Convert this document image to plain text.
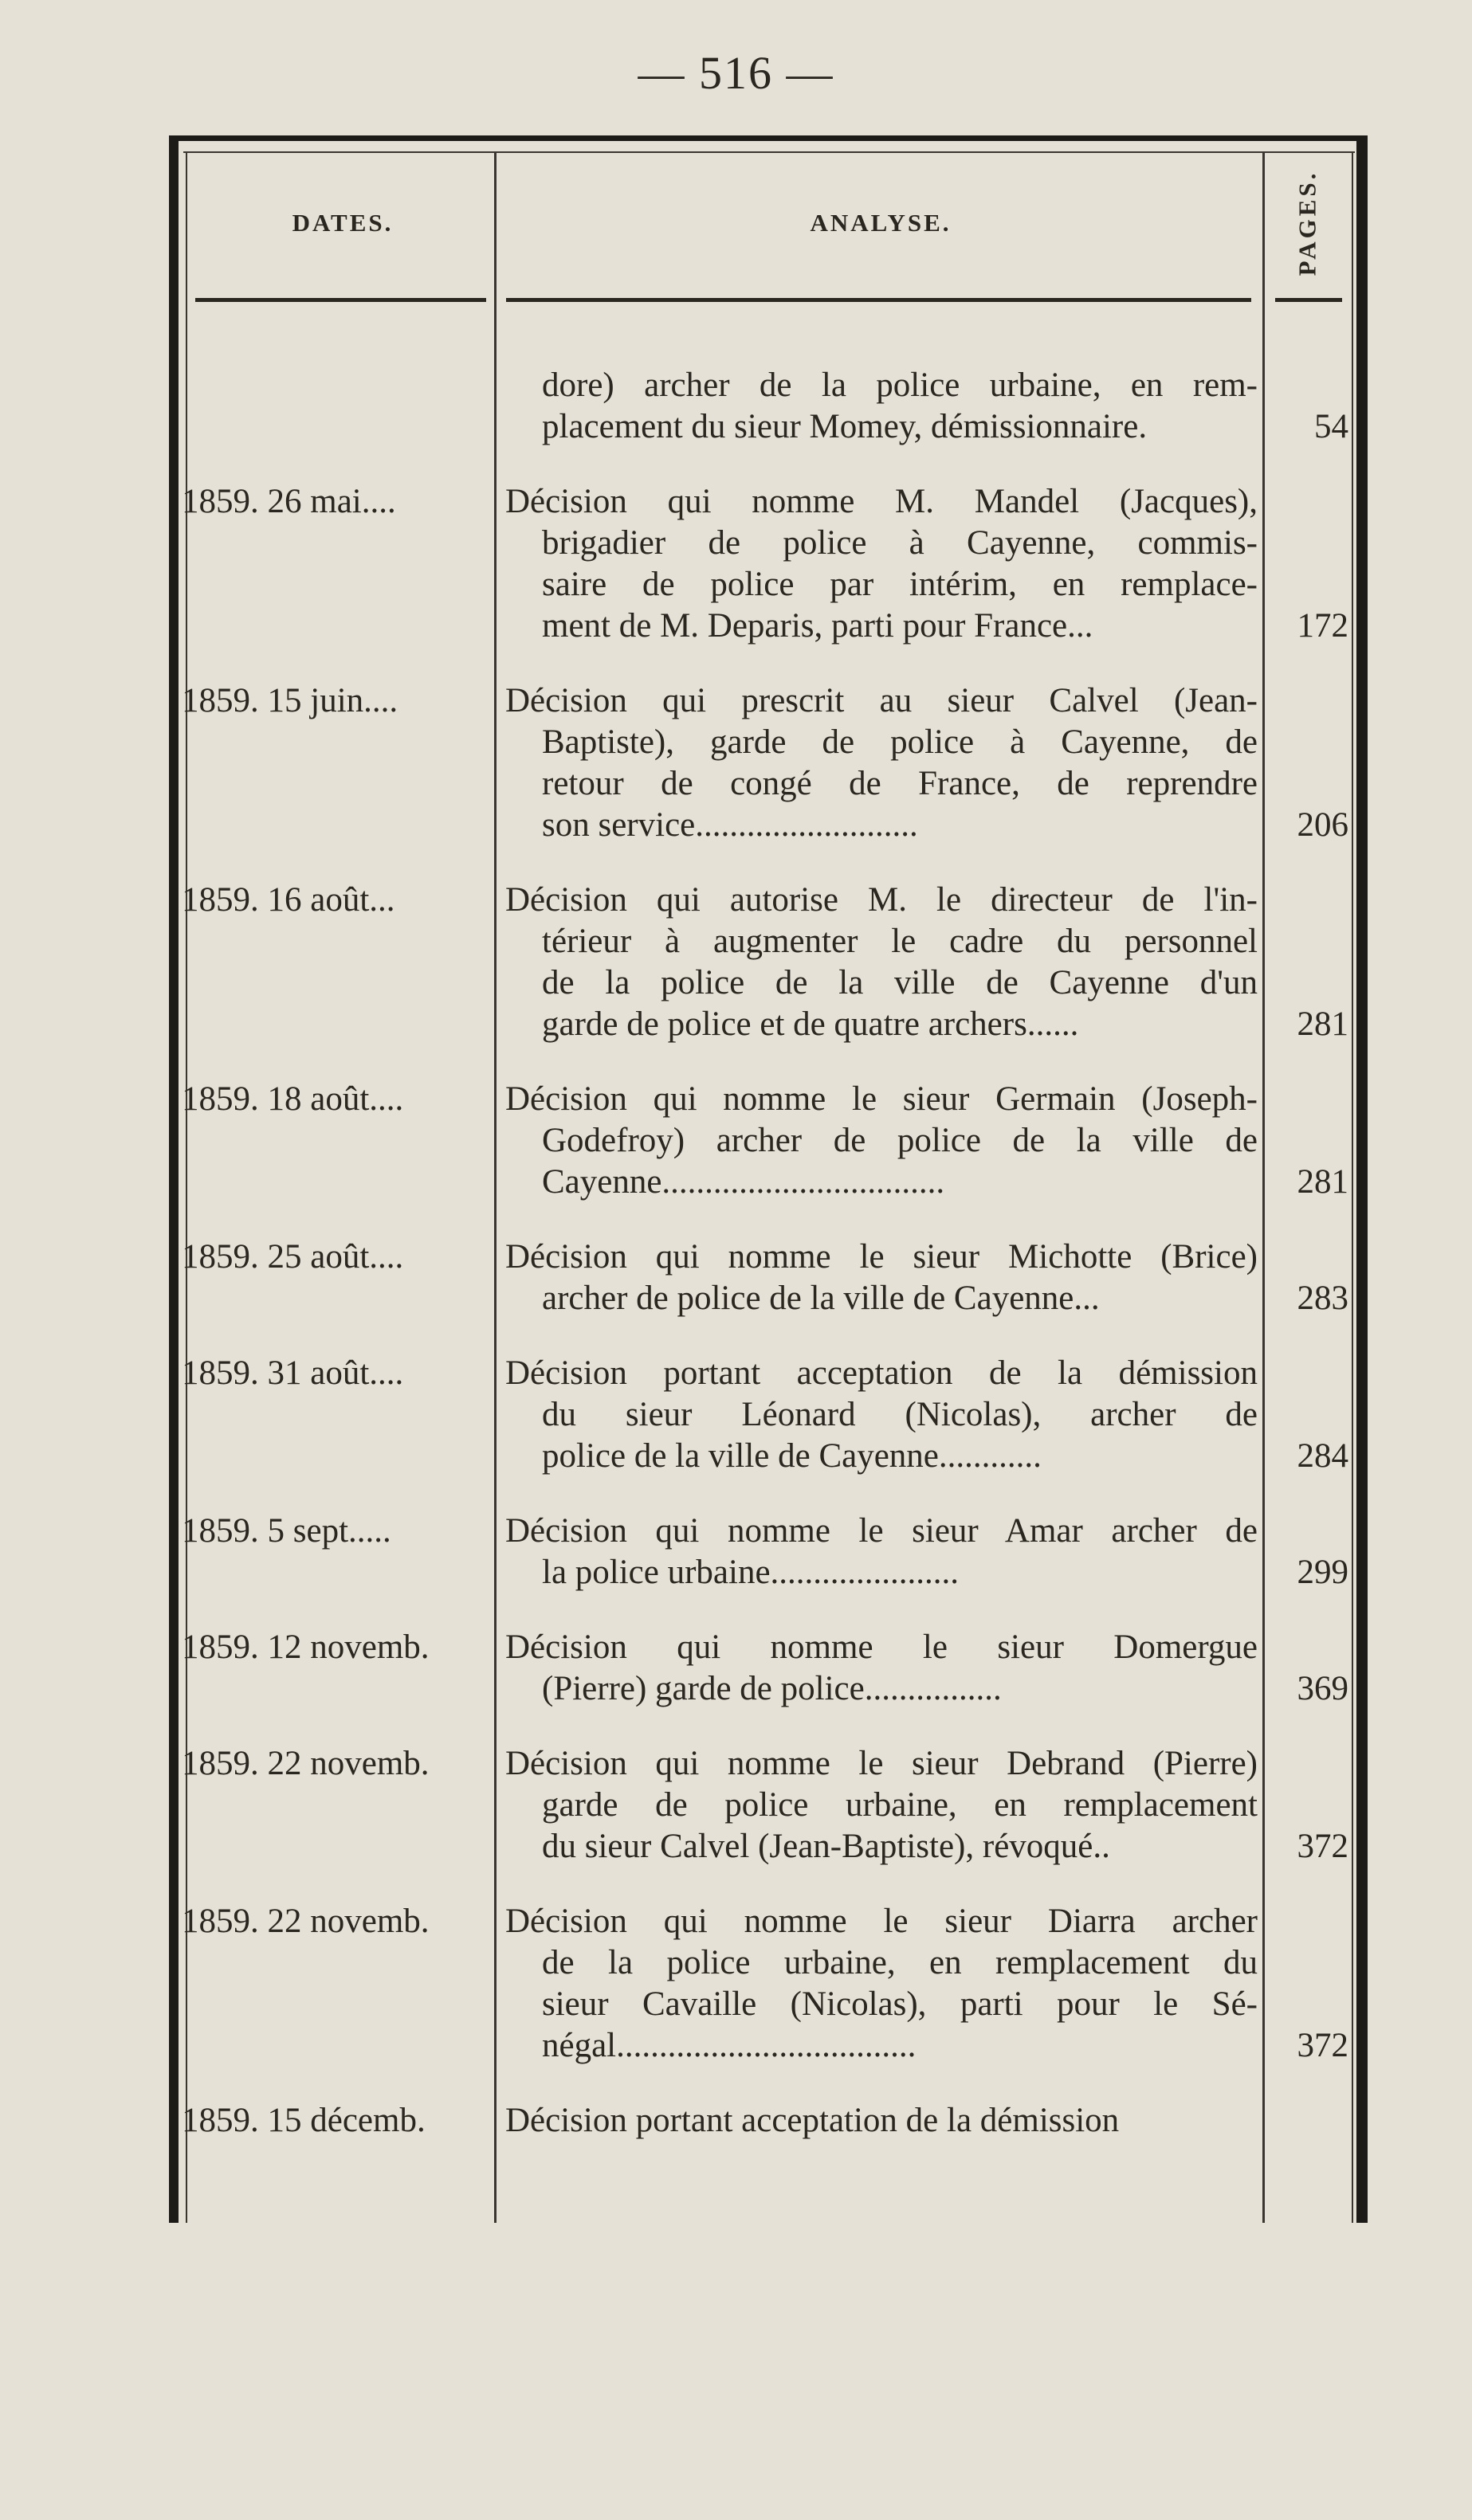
— 516 —
DATES.	ANALYSE.	PAGES.
dore) archer de la police urbaine, en rem-
placement du sieur Momey, démissionnaire.	54
1859. 26 mai....	Décision qui nomme M. Mandel (Jacques),
brigadier de police à Cayenne, commis-
saire de police par intérim, en remplace-
ment de M. Deparis, parti pour France...	172
1859. 15 juin....	Décision qui prescrit au sieur Calvel (Jean-
Baptiste), garde de police à Cayenne, de
retour de congé de France, de reprendre
son service..........................	206
1859. 16 août...	Décision qui autorise M. le directeur de l'in-
térieur à augmenter le cadre du personnel
de la police de la ville de Cayenne d'un
garde de police et de quatre archers......	281
1859. 18 août....	Décision qui nomme le sieur Germain (Joseph-
Godefroy) archer de police de la ville de
Cayenne.................................	281
1859. 25 août....	Décision qui nomme le sieur Michotte (Brice)
archer de police de la ville de Cayenne...	283
1859. 31 août....	Décision portant acceptation de la démission
du sieur Léonard (Nicolas), archer de
police de la ville de Cayenne............	284
1859. 5 sept.....	Décision qui nomme le sieur Amar archer de
la police urbaine......................	299
1859. 12 novemb.	Décision qui nomme le sieur Domergue
(Pierre) garde de police................	369
1859. 22 novemb.	Décision qui nomme le sieur Debrand (Pierre)
garde de police urbaine, en remplacement
du sieur Calvel (Jean-Baptiste), révoqué..	372
1859. 22 novemb.	Décision qui nomme le sieur Diarra archer
de la police urbaine, en remplacement du
sieur Cavaille (Nicolas), parti pour le Sé-
négal...................................	372
1859. 15 décemb.	Décision portant acceptation de la démission
